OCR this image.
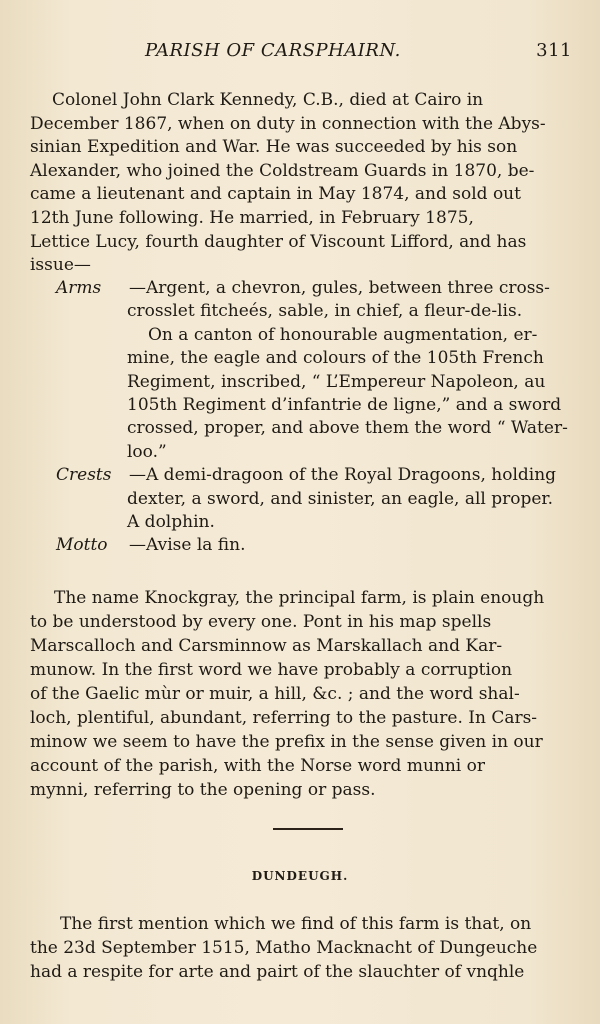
PARISH OF CARSPHAIRN.	311
Colonel John Clark Kennedy, C.B., died at Cairo in
December 1867, when on duty in connection with the Abys-
sinian Expedition and War. He was succeeded by his son
Alexander, who joined the Coldstream Guards in 1870, be-
came a lieutenant and captain in May 1874, and sold out
12th June following. He married, in February 1875,
Lettice Lucy, fourth daughter of Viscount Lifford, and has
issue—
Arms	—Argent, a chevron, gules, between three cross-
crosslet fitcheés, sable, in chief, a fleur-de-lis.
On a canton of honourable augmentation, er-
mine, the eagle and colours of the 105th French
Regiment, inscribed, “ L’Empereur Napoleon, au
105th Regiment d’infantrie de ligne,” and a sword
crossed, proper, and above them the word “ Water-
loo.”
Crests	—A demi-dragoon of the Royal Dragoons, holding
dexter, a sword, and sinister, an eagle, all proper.
A dolphin.
Motto	—Avise la fin.
The name Knockgray, the principal farm, is plain enough
to be understood by every one. Pont in his map spells
Marscalloch and Carsminnow as Marskallach and Kar-
munow. In the first word we have probably a corruption
of the Gaelic mùr or muir, a hill, &c. ; and the word shal-
loch, plentiful, abundant, referring to the pasture. In Cars-
minow we seem to have the prefix in the sense given in our
account of the parish, with the Norse word munni or
mynni, referring to the opening or pass.
DUNDEUGH.
The first mention which we find of this farm is that, on
the 23d September 1515, Matho Macknacht of Dungeuche
had a respite for arte and pairt of the slauchter of vnqhle
